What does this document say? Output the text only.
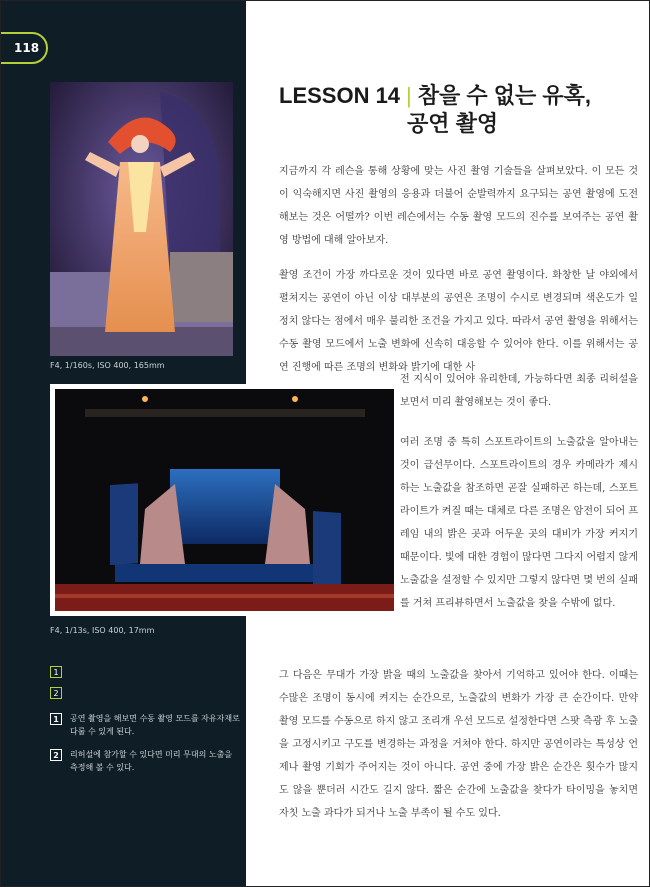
118
F4, 1/160s, ISO 400, 165mm
F4, 1/13s, ISO 400, 17mm
1
2
1	공연 촬영을 해보면 수동 촬영 모드를 자유자재로 다룰 수 있게 된다.
2	리허설에 참가할 수 있다면 미리 무대의 노출을 측정해 볼 수 있다.
LESSON 14 | 참을 수 없는 유혹,
공연 촬영

지금까지 각 레슨을 통해 상황에 맞는 사진 촬영 기술들을 살펴보았다. 이 모든 것이 익숙해지면 사진 촬영의 응용과 더불어 순발력까지 요구되는 공연 촬영에 도전해보는 것은 어떨까? 이번 레슨에서는 수동 촬영 모드의 진수를 보여주는 공연 촬영 방법에 대해 알아보자.

촬영 조건이 가장 까다로운 것이 있다면 바로 공연 촬영이다. 화창한 날 야외에서 펼쳐지는 공연이 아닌 이상 대부분의 공연은 조명이 수시로 변경되며 색온도가 일정치 않다는 점에서 매우 불리한 조건을 가지고 있다. 따라서 공연 촬영을 위해서는 수동 촬영 모드에서 노출 변화에 신속히 대응할 수 있어야 한다. 이를 위해서는 공연 진행에 따른 조명의 변화와 밝기에 대한 사

전 지식이 있어야 유리한데, 가능하다면 최종 리허설을 보면서 미리 촬영해보는 것이 좋다.

여러 조명 중 특히 스포트라이트의 노출값을 알아내는 것이 급선무이다. 스포트라이트의 경우 카메라가 제시하는 노출값을 참조하면 곧잘 실패하곤 하는데, 스포트라이트가 켜질 때는 대체로 다른 조명은 암전이 되어 프레임 내의 밝은 곳과 어두운 곳의 대비가 가장 커지기 때문이다. 빛에 대한 경험이 많다면 그다지 어렵지 않게 노출값을 설정할 수 있지만 그렇지 않다면 몇 번의 실패를 거쳐 프리뷰하면서 노출값을 찾을 수밖에 없다.

그 다음은 무대가 가장 밝을 때의 노출값을 찾아서 기억하고 있어야 한다. 이때는 수많은 조명이 동시에 켜지는 순간으로, 노출값의 변화가 가장 큰 순간이다. 만약 촬영 모드를 수동으로 하지 않고 조리개 우선 모드로 설정한다면 스팟 측광 후 노출을 고정시키고 구도를 변경하는 과정을 거쳐야 한다. 하지만 공연이라는 특성상 언제나 촬영 기회가 주어지는 것이 아니다. 공연 중에 가장 밝은 순간은 횟수가 많지도 않을 뿐더러 시간도 길지 않다. 짧은 순간에 노출값을 찾다가 타이밍을 놓치면 자칫 노출 과다가 되거나 노출 부족이 될 수도 있다.
